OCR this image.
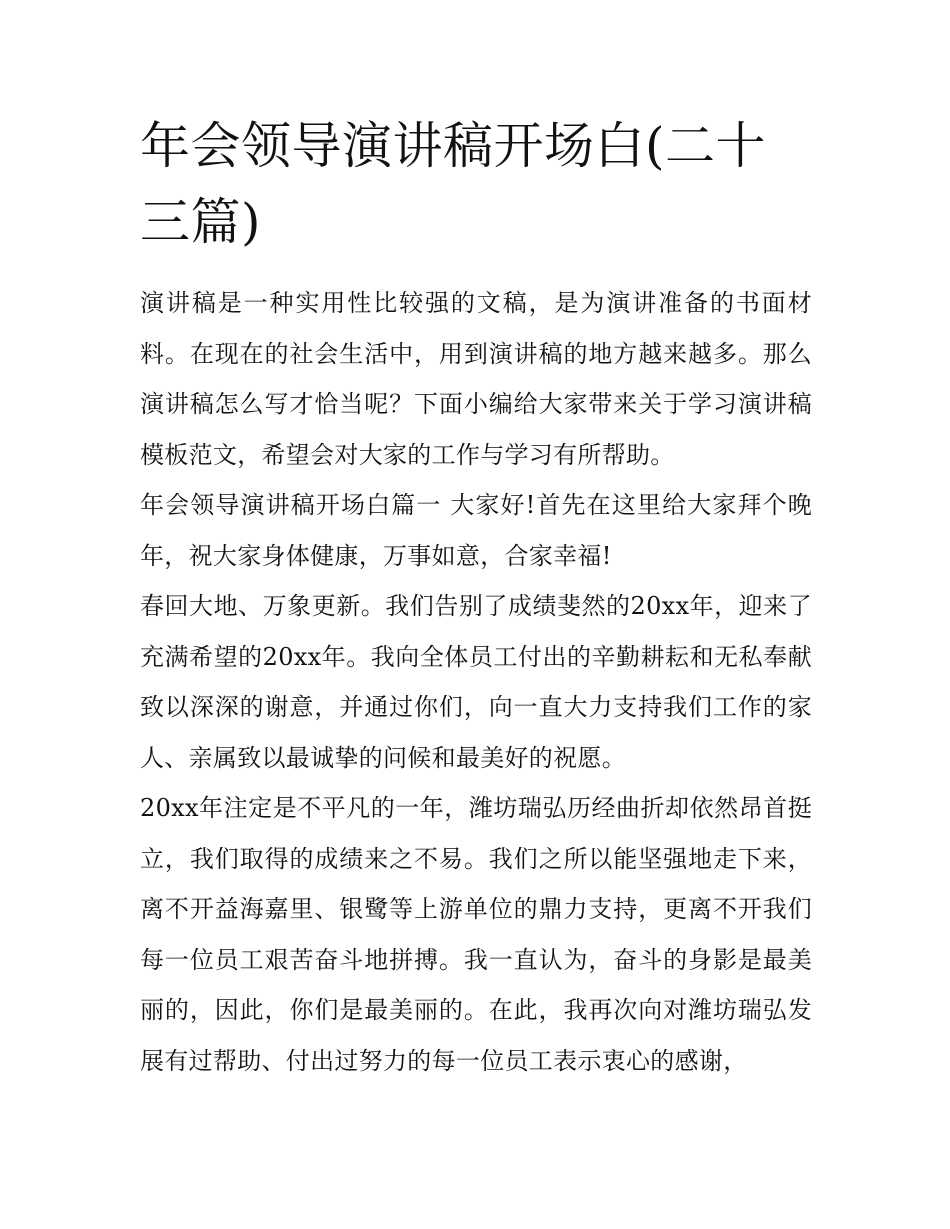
年会领导演讲稿开场白(二十三篇)

演讲稿是一种实用性比较强的文稿，是为演讲准备的书面材料。在现在的社会生活中，用到演讲稿的地方越来越多。那么演讲稿怎么写才恰当呢？下面小编给大家带来关于学习演讲稿模板范文，希望会对大家的工作与学习有所帮助。

年会领导演讲稿开场白篇一 大家好!首先在这里给大家拜个晚年，祝大家身体健康，万事如意，合家幸福!

春回大地、万象更新。我们告别了成绩斐然的20xx年，迎来了充满希望的20xx年。我向全体员工付出的辛勤耕耘和无私奉献致以深深的谢意，并通过你们，向一直大力支持我们工作的家人、亲属致以最诚挚的问候和最美好的祝愿。

20xx年注定是不平凡的一年，潍坊瑞弘历经曲折却依然昂首挺立，我们取得的成绩来之不易。我们之所以能坚强地走下来，离不开益海嘉里、银鹭等上游单位的鼎力支持，更离不开我们每一位员工艰苦奋斗地拼搏。我一直认为，奋斗的身影是最美丽的，因此，你们是最美丽的。在此，我再次向对潍坊瑞弘发展有过帮助、付出过努力的每一位员工表示衷心的感谢，
